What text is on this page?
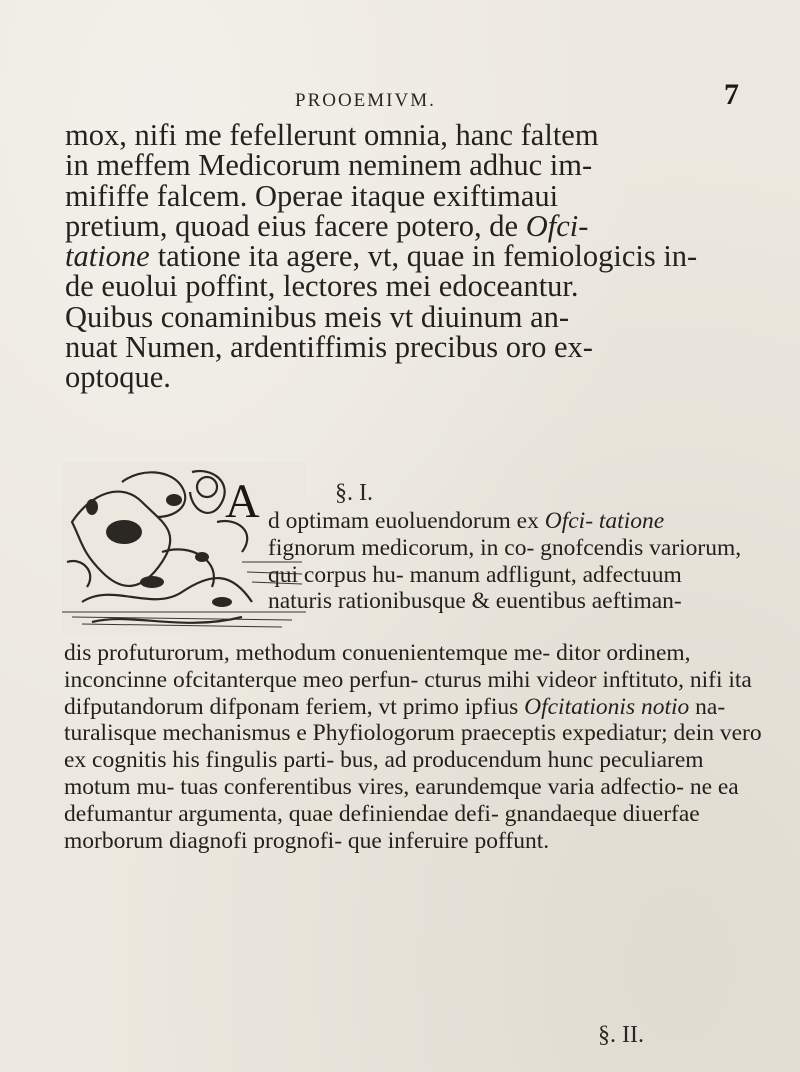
PROOEMIVM.	7
mox, nifi me fefellerunt omnia, hanc faltem
in meffem Medicorum neminem adhuc im-
mififfe falcem. Operae itaque exiftimaui
pretium, quoad eius facere potero, de Ofci-
tatione tatione ita agere, vt, quae in femiologicis in-
de euolui poffint, lectores mei edoceantur.
Quibus conaminibus meis vt diuinum an-
nuat Numen, ardentiffimis precibus oro ex-
optoque.
§. I.
A d optimam euoluendorum ex Ofci- tatione fignorum medicorum, in co- gnofcendis variorum, qui corpus hu- manum adfligunt, adfectuum naturis rationibusque & euentibus aeftiman-
dis profuturorum, methodum conuenientemque me- ditor ordinem, inconcinne ofcitanterque meo perfun- cturus mihi videor inftituto, nifi ita difputandorum difponam feriem, vt primo ipfius Ofcitationis notio na- turalisque mechanismus e Phyfiologorum praeceptis expediatur; dein vero ex cognitis his fingulis parti- bus, ad producendum hunc peculiarem motum mu- tuas conferentibus vires, earundemque varia adfectio- ne ea defumantur argumenta, quae definiendae defi- gnandaeque diuerfae morborum diagnofi prognofi- que inferuire poffunt.
§. II.
